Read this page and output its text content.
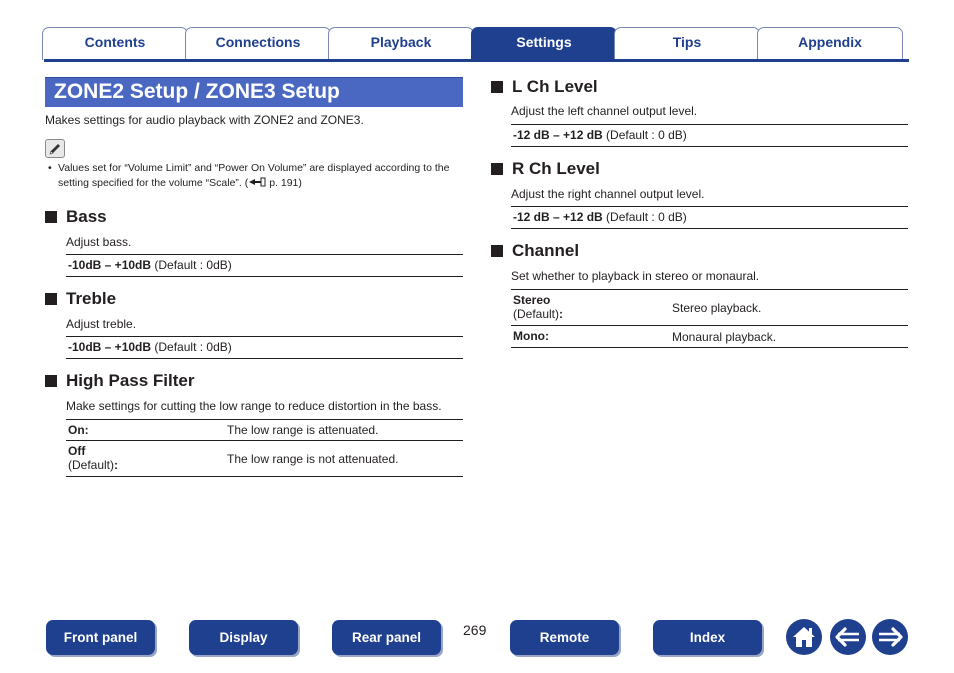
Contents	Connections	Playback	Settings	Tips	Appendix
ZONE2 Setup / ZONE3 Setup
Makes settings for audio playback with ZONE2 and ZONE3.
• Values set for “Volume Limit” and “Power On Volume” are displayed according to the setting specified for the volume “Scale”. ( p. 191)
Bass
Adjust bass.
-10dB – +10dB (Default : 0dB)
Treble
Adjust treble.
-10dB – +10dB (Default : 0dB)
High Pass Filter
Make settings for cutting the low range to reduce distortion in the bass.
On:	The low range is attenuated.
Off
(Default):	The low range is not attenuated.
L Ch Level
Adjust the left channel output level.
-12 dB – +12 dB (Default : 0 dB)
R Ch Level
Adjust the right channel output level.
-12 dB – +12 dB (Default : 0 dB)
Channel
Set whether to playback in stereo or monaural.
Stereo
(Default):	Stereo playback.
Mono:	Monaural playback.
Front panel	Display	Rear panel	269	Remote	Index
